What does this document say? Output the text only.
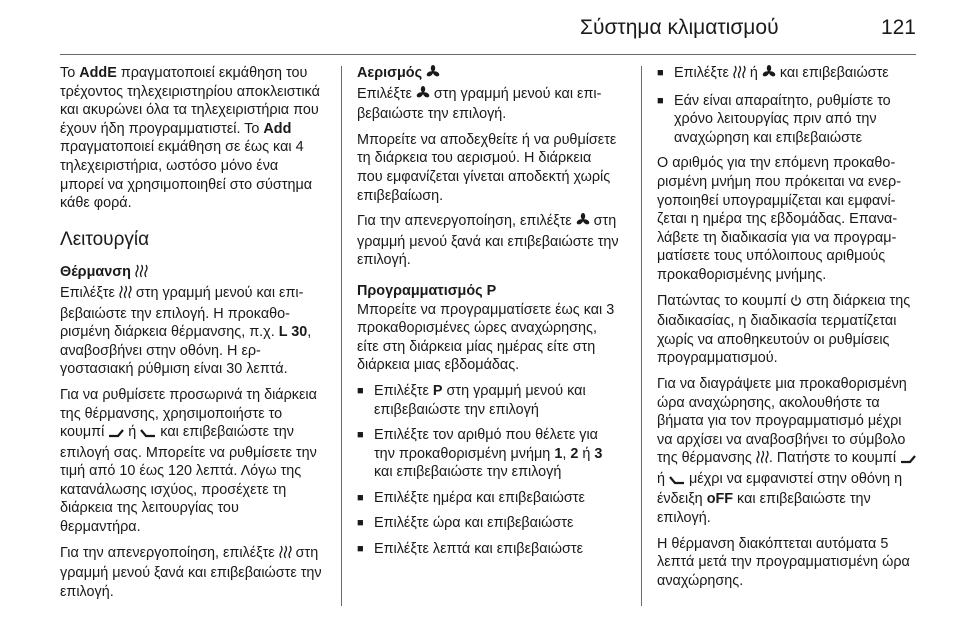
Σύστημα κλιματισμού	121

Το AddE πραγματοποιεί εκμάθηση του τρέχοντος τηλεχειριστηρίου αποκλειστικά και ακυρώνει όλα τα τηλεχειριστήρια που έχουν ήδη προγραμματιστεί. Το Add πραγματοποιεί εκμάθηση σε έως και 4 τηλεχειριστήρια, ωστόσο μόνο ένα μπορεί να χρησιμοποιηθεί στο σύστημα κάθε φορά.

Λειτουργία
Θέρμανση

Επιλέξτε  στη γραμμή μενού και επιβεβαιώστε την επιλογή. Η προκαθορισμένη διάρκεια θέρμανσης, π.χ. L 30, αναβοσβήνει στην οθόνη. Η εργοστασιακή ρύθμιση είναι 30 λεπτά.

Για να ρυθμίσετε προσωρινά τη διάρκεια της θέρμανσης, χρησιμοποιήστε το κουμπί  ή  και επιβεβαιώστε την επιλογή σας. Μπορείτε να ρυθμίσετε την τιμή από 10 έως 120 λεπτά. Λόγω της κατανάλωσης ισχύος, προσέχετε τη διάρκεια της λειτουργίας του θερμαντήρα.

Για την απενεργοποίηση, επιλέξτε  στη γραμμή μενού ξανά και επιβεβαιώστε την επιλογή.

Αερισμός

Επιλέξτε  στη γραμμή μενού και επιβεβαιώστε την επιλογή.

Μπορείτε να αποδεχθείτε ή να ρυθμίσετε τη διάρκεια του αερισμού. Η διάρκεια που εμφανίζεται γίνεται αποδεκτή χωρίς επιβεβαίωση.

Για την απενεργοποίηση, επιλέξτε  στη γραμμή μενού ξανά και επιβεβαιώστε την επιλογή.

Προγραμματισμός P

Μπορείτε να προγραμματίσετε έως και 3 προκαθορισμένες ώρες αναχώρησης, είτε στη διάρκεια μίας ημέρας είτε στη διάρκεια μιας εβδομάδας.

■ Επιλέξτε P στη γραμμή μενού και επιβεβαιώστε την επιλογή
■ Επιλέξτε τον αριθμό που θέλετε για την προκαθορισμένη μνήμη 1, 2 ή 3 και επιβεβαιώστε την επιλογή
■ Επιλέξτε ημέρα και επιβεβαιώστε
■ Επιλέξτε ώρα και επιβεβαιώστε
■ Επιλέξτε λεπτά και επιβεβαιώστε
■ Επιλέξτε  ή  και επιβεβαιώστε
■ Εάν είναι απαραίτητο, ρυθμίστε το χρόνο λειτουργίας πριν από την αναχώρηση και επιβεβαιώστε

Ο αριθμός για την επόμενη προκαθορισμένη μνήμη που πρόκειται να ενεργοποιηθεί υπογραμμίζεται και εμφανίζεται η ημέρα της εβδομάδας. Επαναλάβετε τη διαδικασία για να προγραμματίσετε τους υπόλοιπους αριθμούς προκαθορισμένης μνήμης.

Πατώντας το κουμπί  στη διάρκεια της διαδικασίας, η διαδικασία τερματίζεται χωρίς να αποθηκευτούν οι ρυθμίσεις προγραμματισμού.

Για να διαγράψετε μια προκαθορισμένη ώρα αναχώρησης, ακολουθήστε τα βήματα για τον προγραμματισμό μέχρι να αρχίσει να αναβοσβήνει το σύμβολο της θέρμανσης . Πατήστε το κουμπί  ή  μέχρι να εμφανιστεί στην οθόνη η ένδειξη oFF και επιβεβαιώστε την επιλογή.

Η θέρμανση διακόπτεται αυτόματα 5 λεπτά μετά την προγραμματισμένη ώρα αναχώρησης.
